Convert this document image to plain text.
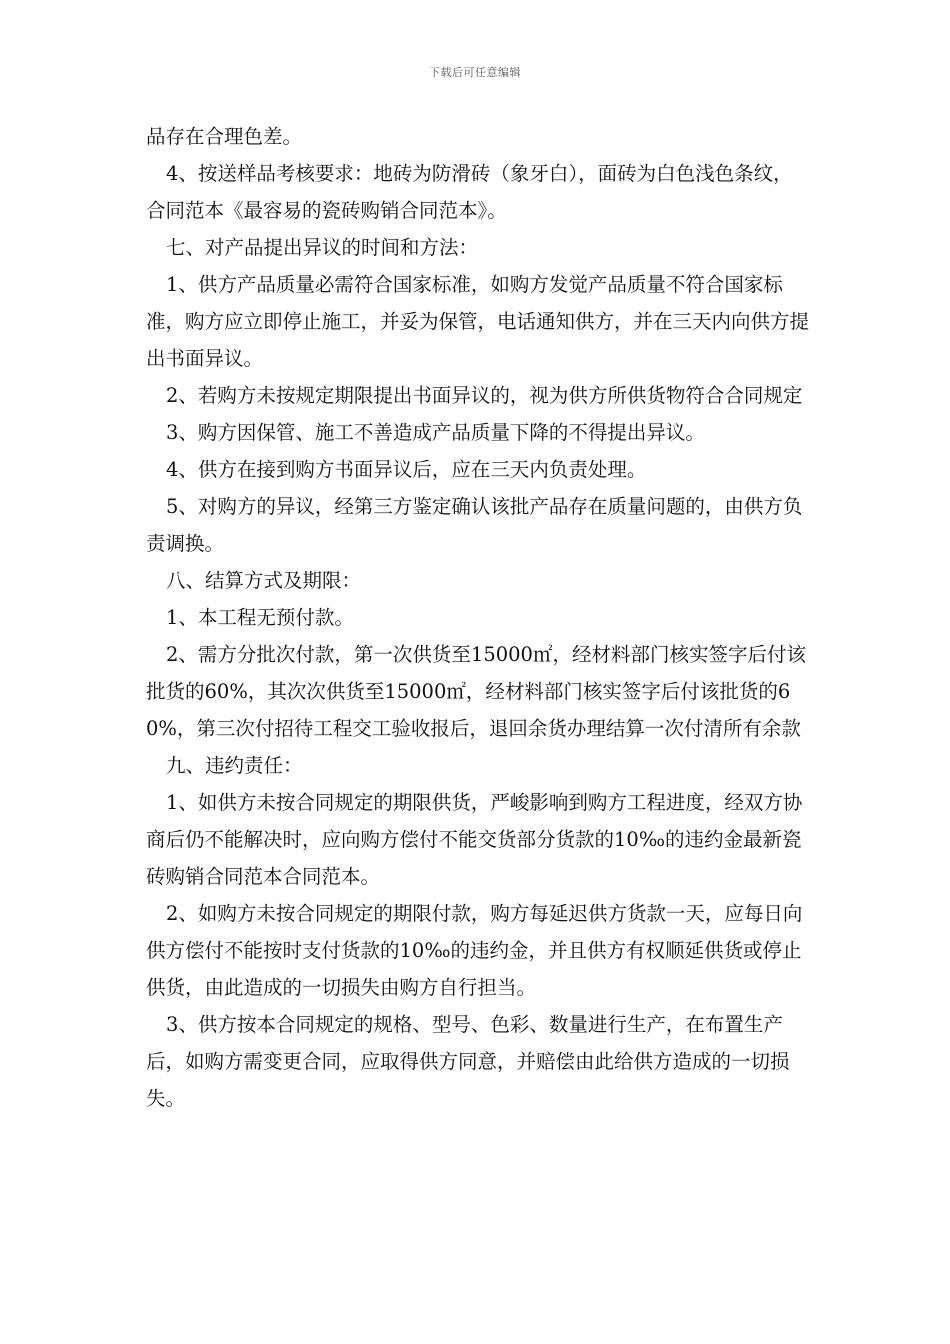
下载后可任意编辑

品存在合理色差。

4、按送样品考核要求：地砖为防滑砖（象牙白），面砖为白色浅色条纹，合同范本《最容易的瓷砖购销合同范本》。

七、对产品提出异议的时间和方法：

1、供方产品质量必需符合国家标准，如购方发觉产品质量不符合国家标准，购方应立即停止施工，并妥为保管，电话通知供方，并在三天内向供方提出书面异议。

2、若购方未按规定期限提出书面异议的，视为供方所供货物符合合同规定

3、购方因保管、施工不善造成产品质量下降的不得提出异议。

4、供方在接到购方书面异议后，应在三天内负责处理。

5、对购方的异议，经第三方鉴定确认该批产品存在质量问题的，由供方负责调换。

八、结算方式及期限：

1、本工程无预付款。

2、需方分批次付款，第一次供货至15000㎡，经材料部门核实签字后付该批货的60%，其次次供货至15000㎡，经材料部门核实签字后付该批货的60%，第三次付招待工程交工验收报后，退回余货办理结算一次付清所有余款

九、违约责任：

1、如供方未按合同规定的期限供货，严峻影响到购方工程进度，经双方协商后仍不能解决时，应向购方偿付不能交货部分货款的10‰的违约金最新瓷砖购销合同范本合同范本。

2、如购方未按合同规定的期限付款，购方每延迟供方货款一天，应每日向供方偿付不能按时支付货款的10‰的违约金，并且供方有权顺延供货或停止供货，由此造成的一切损失由购方自行担当。

3、供方按本合同规定的规格、型号、色彩、数量进行生产，在布置生产后，如购方需变更合同，应取得供方同意，并赔偿由此给供方造成的一切损失。
